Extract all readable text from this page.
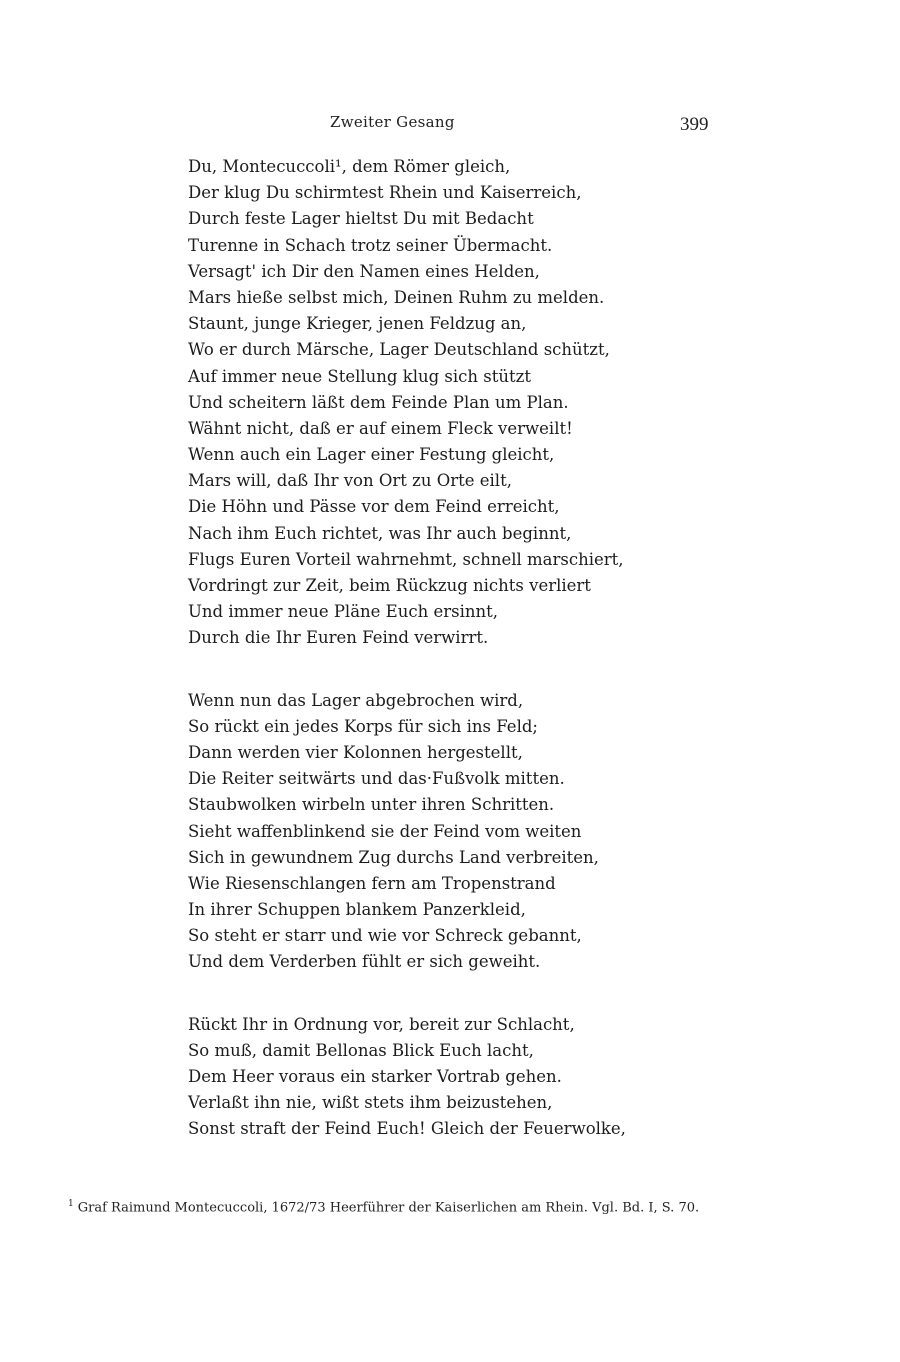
Zweiter Gesang	399
Du, Montecuccoli¹, dem Römer gleich,
Der klug Du schirmtest Rhein und Kaiserreich,
Durch feste Lager hieltst Du mit Bedacht
Turenne in Schach trotz seiner Übermacht.
Versagt' ich Dir den Namen eines Helden,
Mars hieße selbst mich, Deinen Ruhm zu melden.
Staunt, junge Krieger, jenen Feldzug an,
Wo er durch Märsche, Lager Deutschland schützt,
Auf immer neue Stellung klug sich stützt
Und scheitern läßt dem Feinde Plan um Plan.
Wähnt nicht, daß er auf einem Fleck verweilt!
Wenn auch ein Lager einer Festung gleicht,
Mars will, daß Ihr von Ort zu Orte eilt,
Die Höhn und Pässe vor dem Feind erreicht,
Nach ihm Euch richtet, was Ihr auch beginnt,
Flugs Euren Vorteil wahrnehmt, schnell marschiert,
Vordringt zur Zeit, beim Rückzug nichts verliert
Und immer neue Pläne Euch ersinnt,
Durch die Ihr Euren Feind verwirrt.
Wenn nun das Lager abgebrochen wird,
So rückt ein jedes Korps für sich ins Feld;
Dann werden vier Kolonnen hergestellt,
Die Reiter seitwärts und das·Fußvolk mitten.
Staubwolken wirbeln unter ihren Schritten.
Sieht waffenblinkend sie der Feind vom weiten
Sich in gewundnem Zug durchs Land verbreiten,
Wie Riesenschlangen fern am Tropenstrand
In ihrer Schuppen blankem Panzerkleid,
So steht er starr und wie vor Schreck gebannt,
Und dem Verderben fühlt er sich geweiht.
Rückt Ihr in Ordnung vor, bereit zur Schlacht,
So muß, damit Bellonas Blick Euch lacht,
Dem Heer voraus ein starker Vortrab gehen.
Verlaßt ihn nie, wißt stets ihm beizustehen,
Sonst straft der Feind Euch! Gleich der Feuerwolke,
$^1$ Graf Raimund Montecuccoli, 1672/73 Heerführer der Kaiserlichen am Rhein. Vgl. Bd. I, S. 70.
